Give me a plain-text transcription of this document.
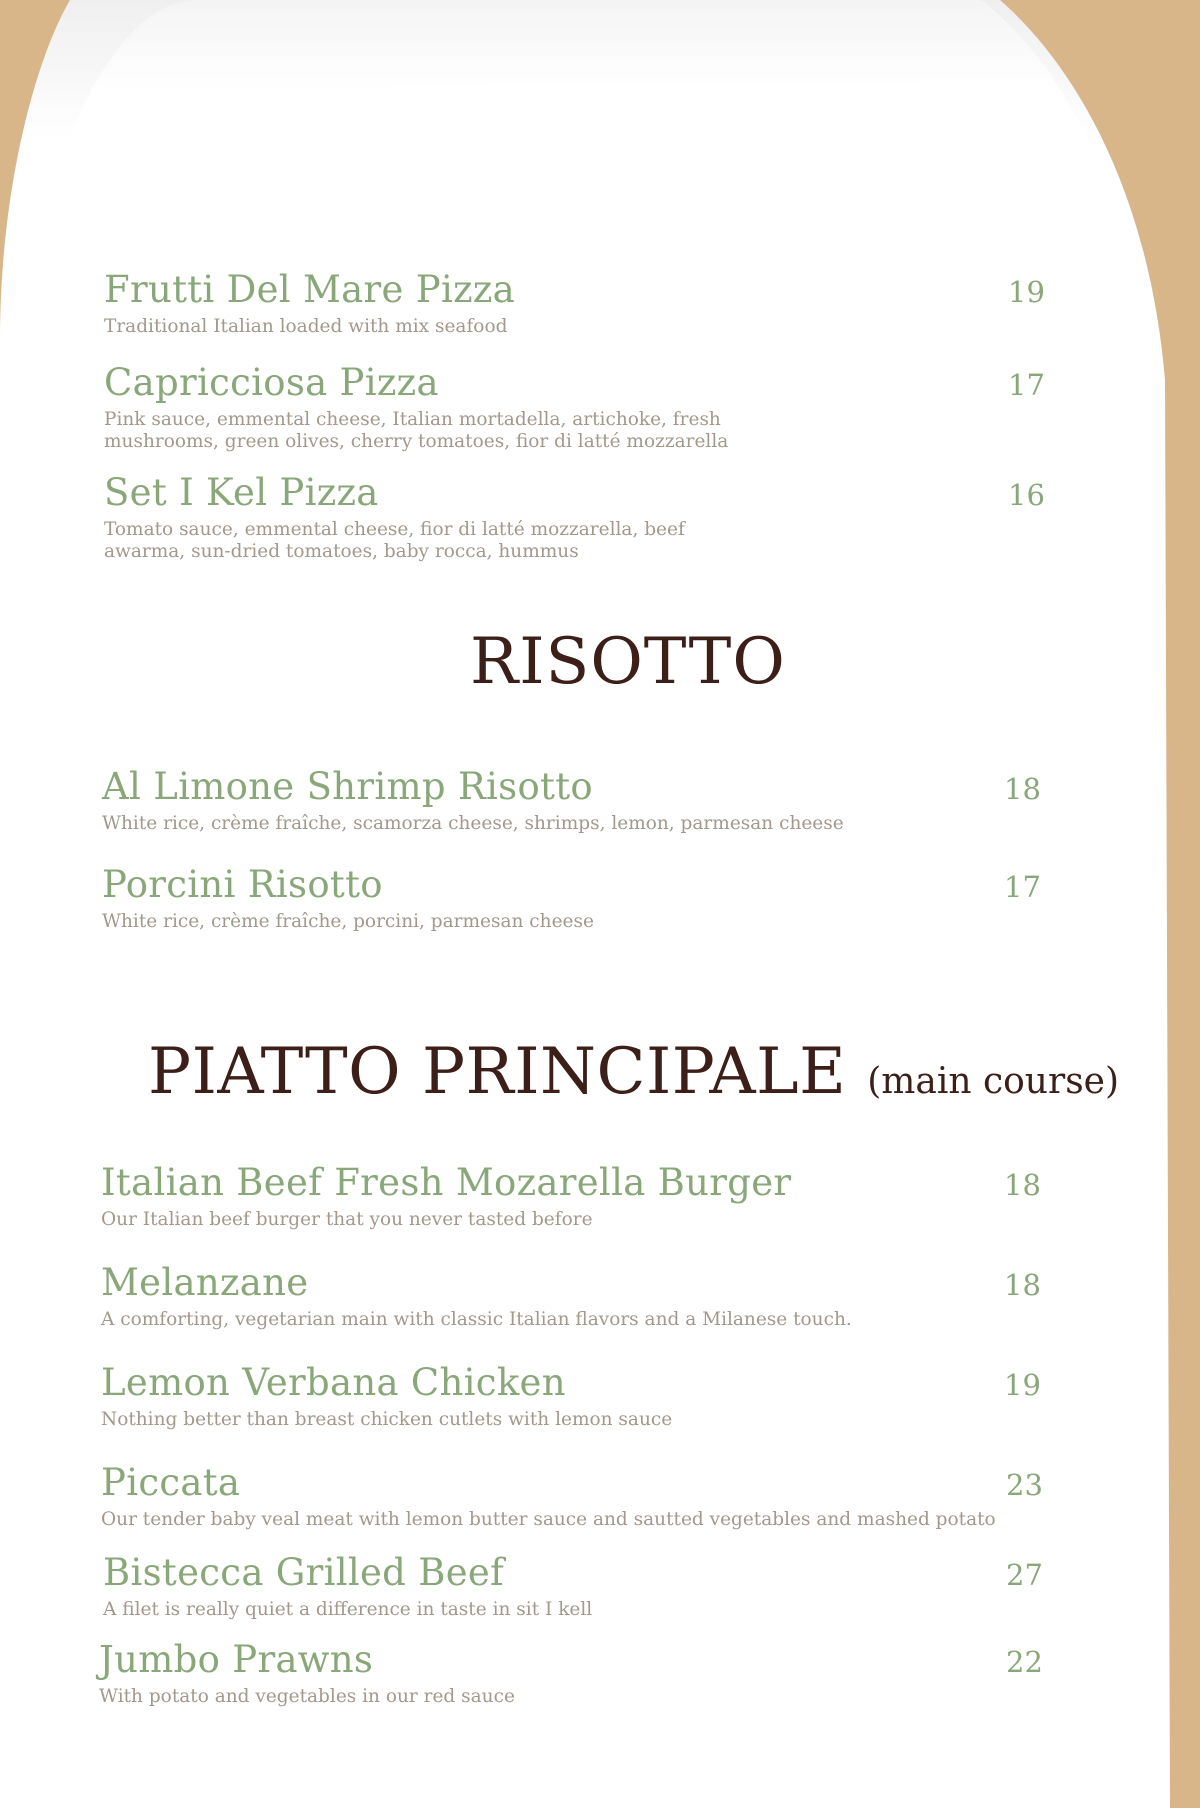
Frutti Del Mare Pizza	19
Traditional Italian loaded with mix seafood
Capricciosa Pizza	17
Pink sauce, emmental cheese, Italian mortadella, artichoke, fresh mushrooms, green olives, cherry tomatoes, fior di latté mozzarella
Set I Kel Pizza	16
Tomato sauce, emmental cheese, fior di latté mozzarella, beef awarma, sun-dried tomatoes, baby rocca, hummus
RISOTTO
Al Limone Shrimp Risotto	18
White rice, crème fraîche, scamorza cheese, shrimps, lemon, parmesan cheese
Porcini Risotto	17
White rice, crème fraîche, porcini, parmesan cheese
PIATTO PRINCIPALE (main course)
Italian Beef Fresh Mozarella Burger	18
Our Italian beef burger that you never tasted before
Melanzane	18
A comforting, vegetarian main with classic Italian flavors and a Milanese touch.
Lemon Verbana Chicken	19
Nothing better than breast chicken cutlets with lemon sauce
Piccata	23
Our tender baby veal meat with lemon butter sauce and sautted vegetables and mashed potato
Bistecca Grilled Beef	27
A filet is really quiet a difference in taste in sit I kell
Jumbo Prawns	22
With potato and vegetables in our red sauce
